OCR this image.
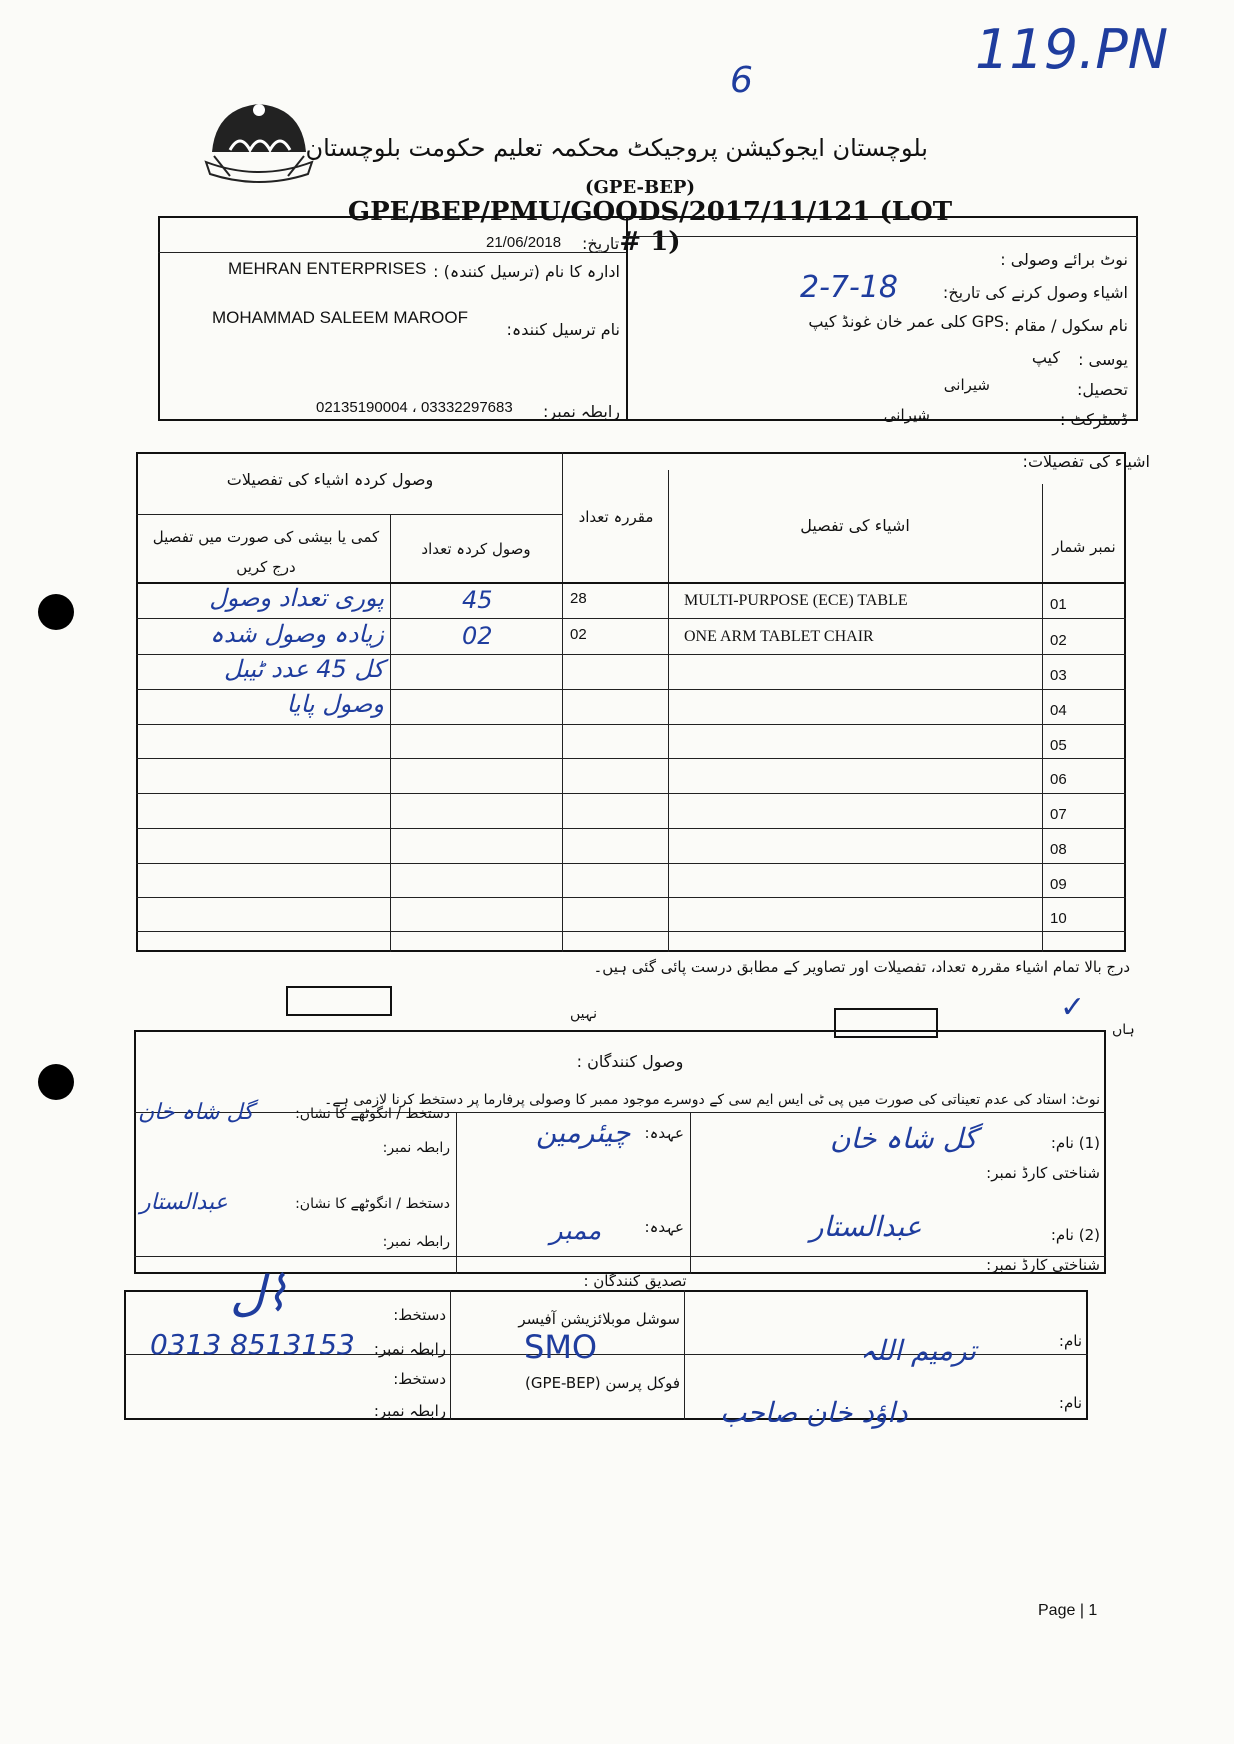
119.PN
6
بلوچستان ایجوکیشن پروجیکٹ محکمہ تعلیم حکومت بلوچستان
(GPE-BEP)
GPE/BEP/PMU/GOODS/2017/11/121 (LOT # 1)
تاریخ:
21/06/2018
ادارہ کا نام (ترسیل کنندہ) :
MEHRAN ENTERPRISES
نام ترسیل کنندہ:
MOHAMMAD SALEEM MAROOF
رابطہ نمبر:
02135190004 ، 03332297683
نوٹ برائے وصولی :
اشیاء وصول کرنے کی تاریخ:
2-7-18
نام سکول / مقام :
GPS کلی عمر خان غونڈ کیپ
یوسی :
کیپ
تحصیل:
شیرانی
ڈسٹرکٹ :
شیرانی
اشیاء کی تفصیلات:
وصول کردہ اشیاء کی تفصیلات
کمی یا بیشی کی صورت میں تفصیل درج کریں
وصول کردہ تعداد
مقررہ تعداد	اشیاء کی تفصیل
نمبر شمار
01
MULTI-PURPOSE (ECE) TABLE
28
45
پوری تعداد وصول
02
ONE ARM TABLET CHAIR
02
02
زیادہ وصول شدہ
03
کل 45 عدد ٹیبل
04
وصول پایا
05
06
07
08
09
10
درج بالا تمام اشیاء مقررہ تعداد، تفصیلات اور تصاویر کے مطابق درست پائی گئی ہیں۔
نہیں	✓
ہاں
وصول کنندگان :
نوٹ: استاد کی عدم تعیناتی کی صورت میں پی ٹی ایس ایم سی کے دوسرے موجود ممبر کا وصولی پرفارما پر دستخط کرنا لازمی ہے۔
(1) نام:
گل شاہ خان
شناختی کارڈ نمبر:
(2) نام:
عبدالستار
شناختی کارڈ نمبر:
عہدہ:
چیئرمین
عہدہ:
ممبر
دستخط / انگوٹھے کا نشان:
گل شاہ خان
رابطہ نمبر:
دستخط / انگوٹھے کا نشان:
عبدالستار
رابطہ نمبر:
تصدیق کنندگان :
نام:
ترمیم اللہ
سوشل موبلائزیشن آفیسر
SMO
دستخط:
ﻝ⌇
رابطہ نمبر:
0313 8513153
نام:
داؤد خان صاحب
فوکل پرسن (GPE-BEP)
دستخط:
رابطہ نمبر:
Page | 1
